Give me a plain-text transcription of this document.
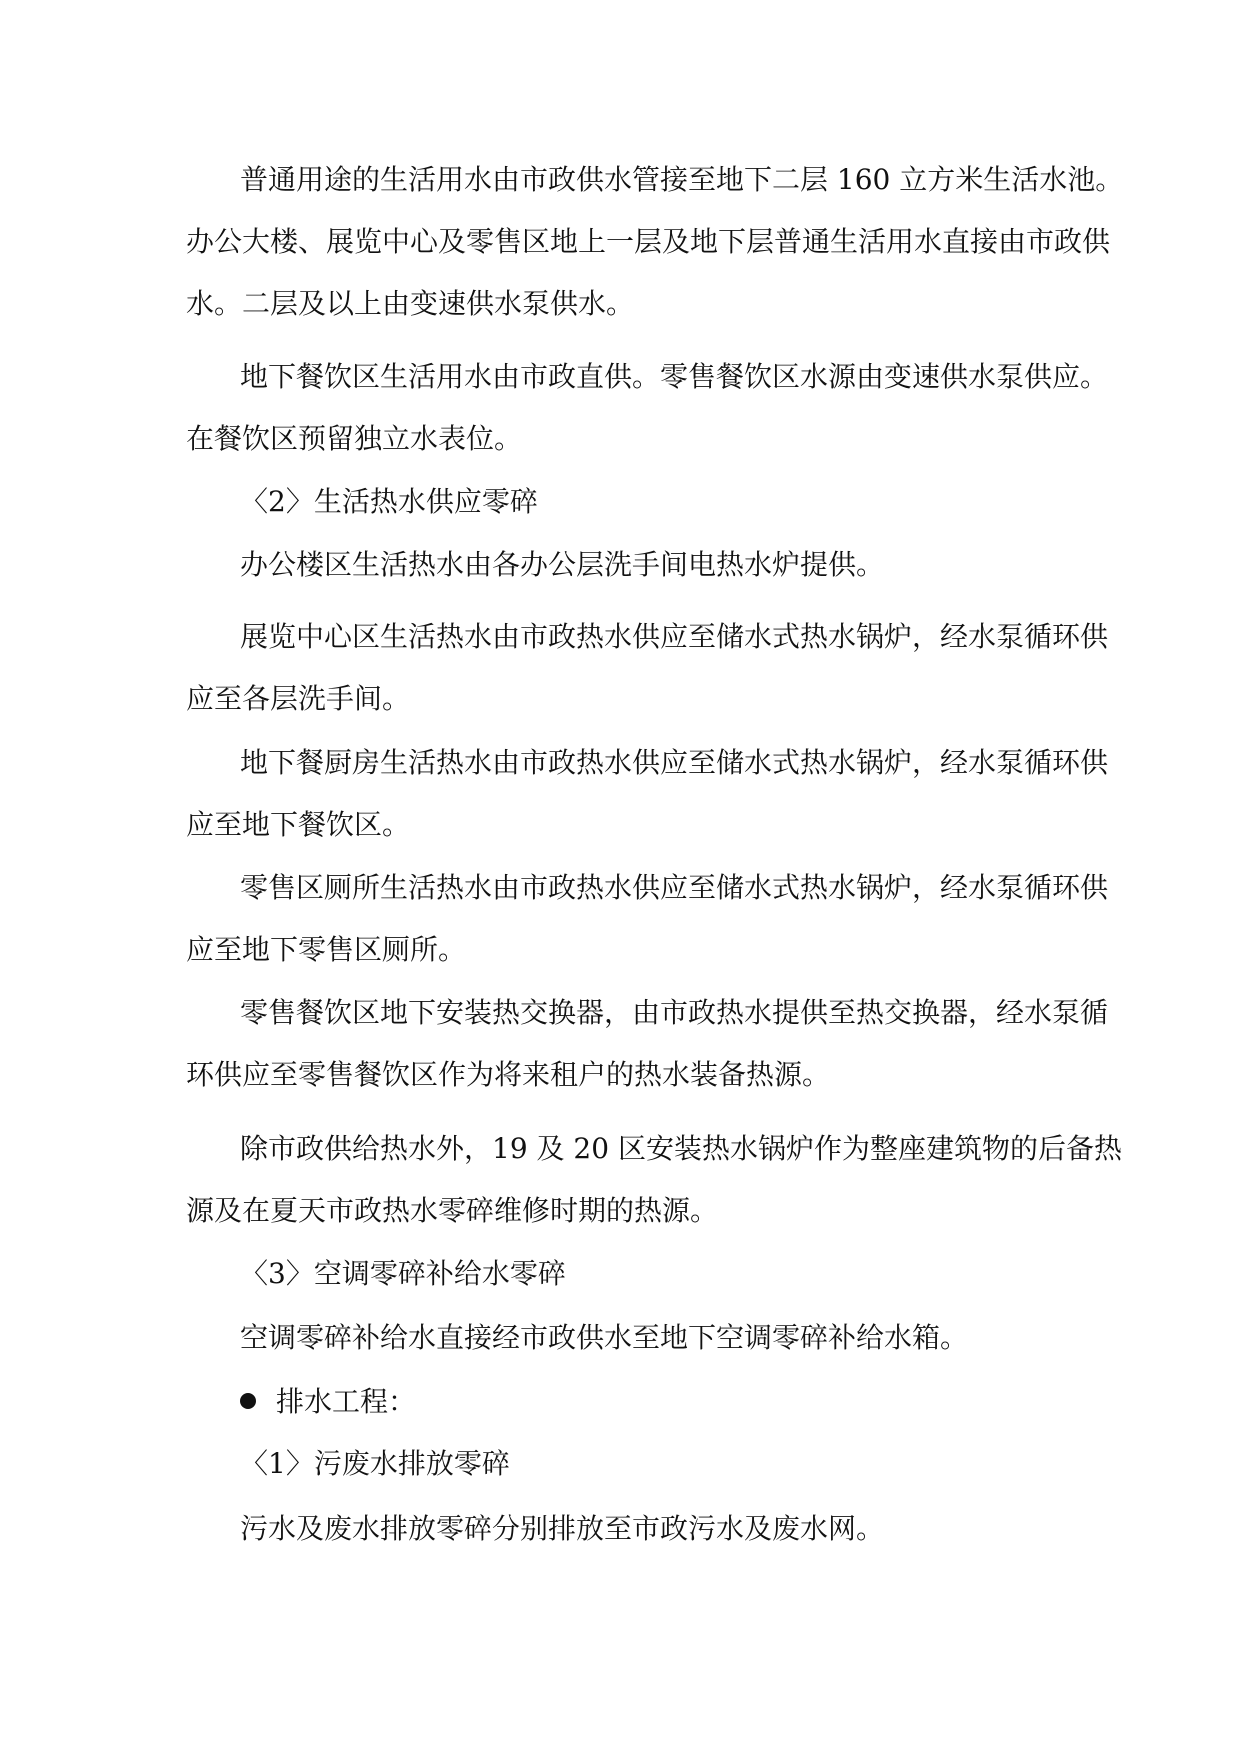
普通用途的生活用水由市政供水管接至地下二层 160 立方米生活水池。
办公大楼、展览中心及零售区地上一层及地下层普通生活用水直接由市政供
水。二层及以上由变速供水泵供水。
地下餐饮区生活用水由市政直供。零售餐饮区水源由变速供水泵供应。
在餐饮区预留独立水表位。
〈2〉生活热水供应零碎
办公楼区生活热水由各办公层洗手间电热水炉提供。
展览中心区生活热水由市政热水供应至储水式热水锅炉，经水泵循环供
应至各层洗手间。
地下餐厨房生活热水由市政热水供应至储水式热水锅炉，经水泵循环供
应至地下餐饮区。
零售区厕所生活热水由市政热水供应至储水式热水锅炉，经水泵循环供
应至地下零售区厕所。
零售餐饮区地下安装热交换器，由市政热水提供至热交换器，经水泵循
环供应至零售餐饮区作为将来租户的热水装备热源。
除市政供给热水外，19 及 20 区安装热水锅炉作为整座建筑物的后备热
源及在夏天市政热水零碎维修时期的热源。
〈3〉空调零碎补给水零碎
空调零碎补给水直接经市政供水至地下空调零碎补给水箱。
排水工程：
〈1〉污废水排放零碎
污水及废水排放零碎分别排放至市政污水及废水网。
